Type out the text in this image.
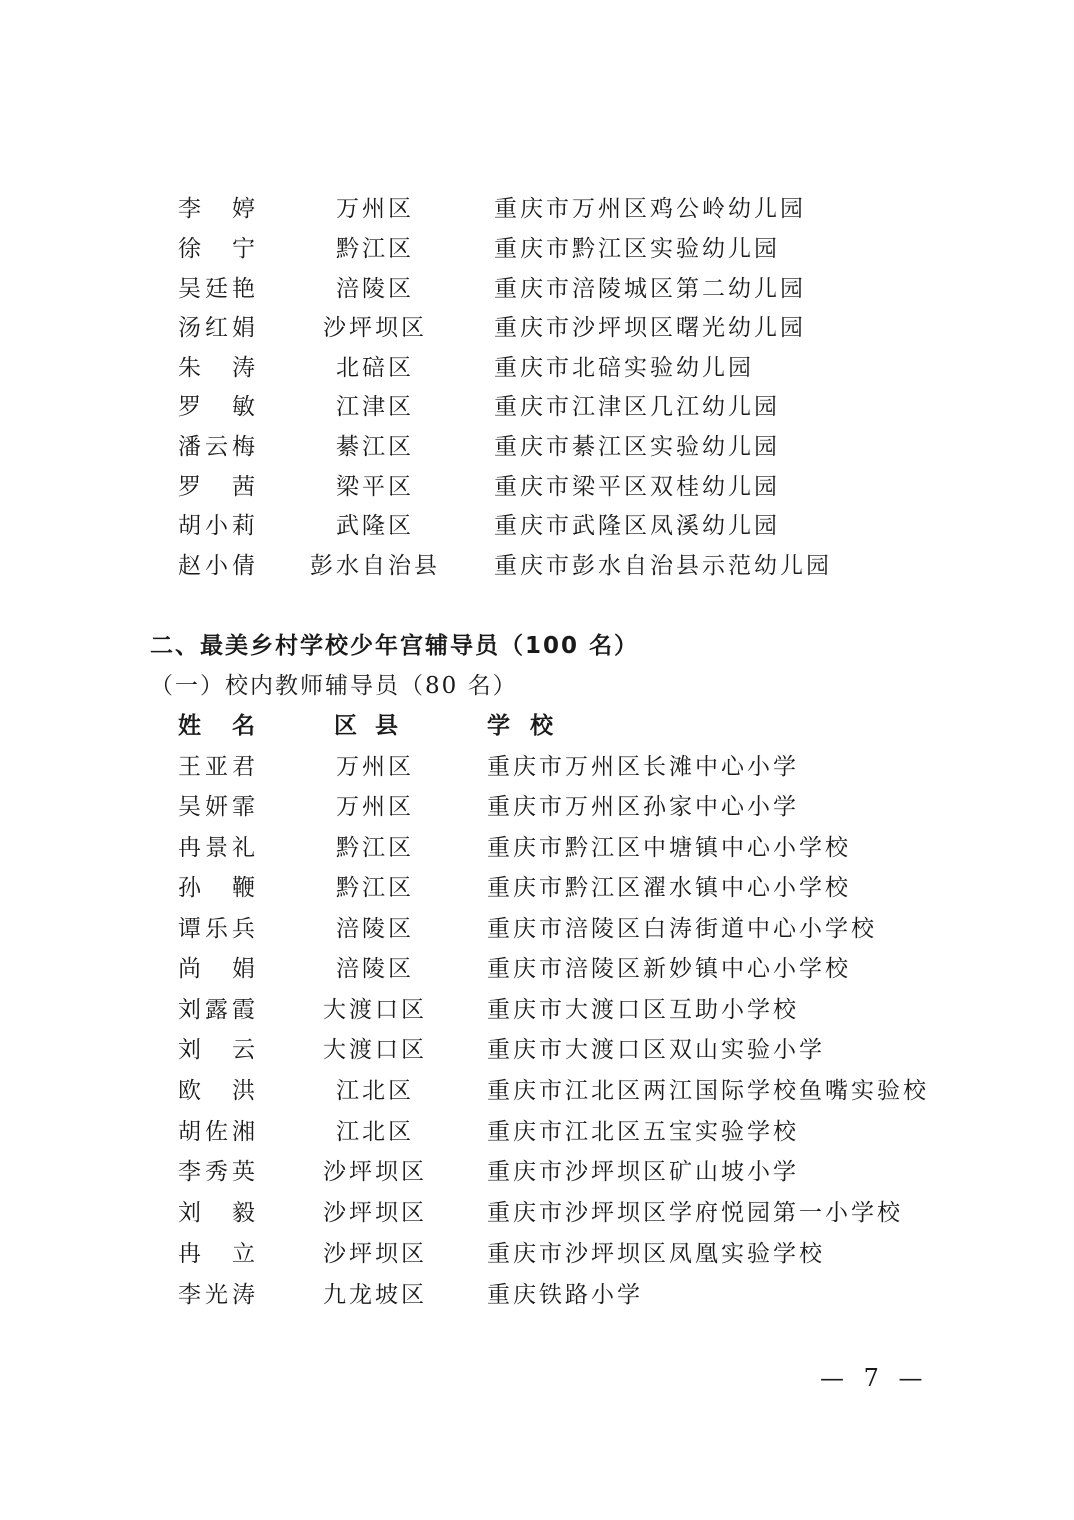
李　婷	万州区	重庆市万州区鸡公岭幼儿园
徐　宁	黔江区	重庆市黔江区实验幼儿园
吴廷艳	涪陵区	重庆市涪陵城区第二幼儿园
汤红娟	沙坪坝区	重庆市沙坪坝区曙光幼儿园
朱　涛	北碚区	重庆市北碚实验幼儿园
罗　敏	江津区	重庆市江津区几江幼儿园
潘云梅	綦江区	重庆市綦江区实验幼儿园
罗　茜	梁平区	重庆市梁平区双桂幼儿园
胡小莉	武隆区	重庆市武隆区凤溪幼儿园
赵小倩	彭水自治县	重庆市彭水自治县示范幼儿园
二、最美乡村学校少年宫辅导员（100 名）
（一）校内教师辅导员（80 名）
姓　名	区县	学校
王亚君	万州区	重庆市万州区长滩中心小学
吴妍霏	万州区	重庆市万州区孙家中心小学
冉景礼	黔江区	重庆市黔江区中塘镇中心小学校
孙　鞭	黔江区	重庆市黔江区濯水镇中心小学校
谭乐兵	涪陵区	重庆市涪陵区白涛街道中心小学校
尚　娟	涪陵区	重庆市涪陵区新妙镇中心小学校
刘露霞	大渡口区	重庆市大渡口区互助小学校
刘　云	大渡口区	重庆市大渡口区双山实验小学
欧　洪	江北区	重庆市江北区两江国际学校鱼嘴实验校
胡佐湘	江北区	重庆市江北区五宝实验学校
李秀英	沙坪坝区	重庆市沙坪坝区矿山坡小学
刘　毅	沙坪坝区	重庆市沙坪坝区学府悦园第一小学校
冉　立	沙坪坝区	重庆市沙坪坝区凤凰实验学校
李光涛	九龙坡区	重庆铁路小学
— 7 —
